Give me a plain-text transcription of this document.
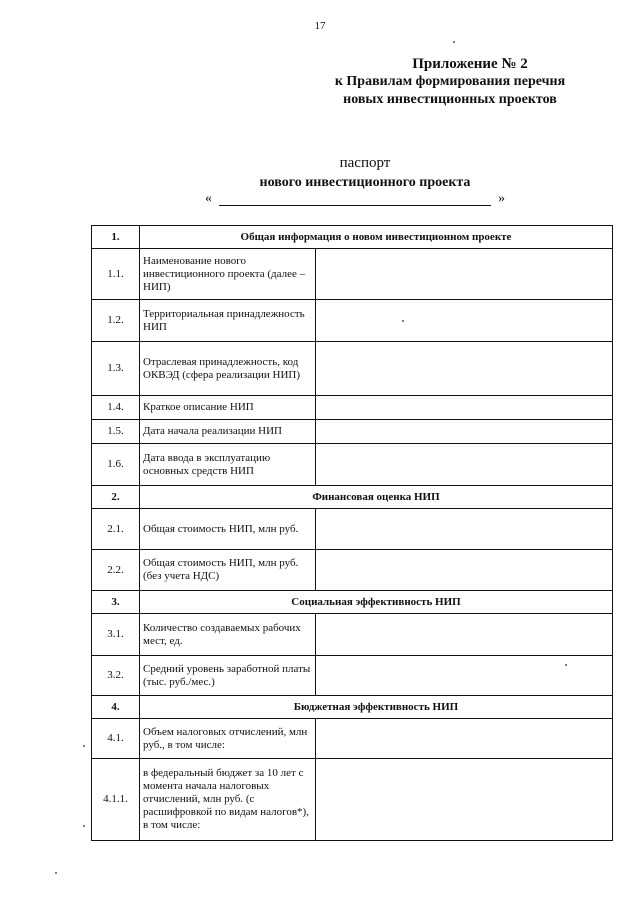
17
Приложение № 2
к Правилам формирования перечня
новых инвестиционных проектов
паспорт
нового инвестиционного проекта
«	»
1.	Общая информация о новом инвестиционном проекте	
1.1.	Наименование нового инвестиционного проекта (далее – НИП)	
1.2.	Территориальная принадлежность НИП	
1.3.	Отраслевая принадлежность, код ОКВЭД (сфера реализации НИП)	
1.4.	Краткое описание НИП	
1.5.	Дата начала реализации НИП	
1.6.	Дата ввода в эксплуатацию основных средств НИП	
2.	Финансовая оценка НИП	
2.1.	Общая стоимость НИП, млн руб.	
2.2.	Общая стоимость НИП, млн руб. (без учета НДС)	
3.	Социальная эффективность НИП	
3.1.	Количество создаваемых рабочих мест, ед.	
3.2.	Средний уровень заработной платы (тыс. руб./мес.)	
4.	Бюджетная эффективность НИП	
4.1.	Объем налоговых отчислений, млн руб., в том числе:	
4.1.1.	в федеральный бюджет за 10 лет с момента начала налоговых отчислений, млн руб. (с расшифровкой по видам налогов*), в том числе:	
